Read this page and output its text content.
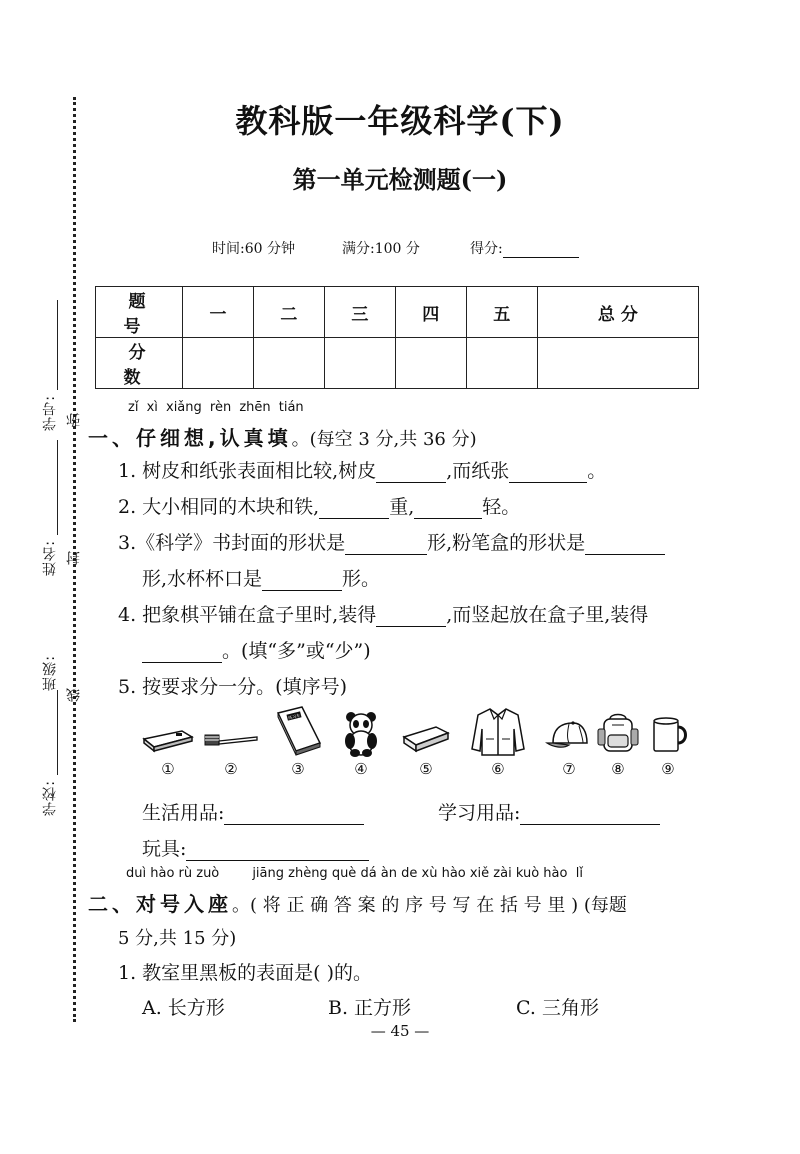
学号:
姓名:
班级:
学校:
弥
封
线
教科版一年级科学(下)
第一单元检测题(一)
时间:60 分钟	满分:100 分	得分:
题 号	一	二	三	四	五	总 分
分 数						
zǐ xì xiǎng rèn zhēn tián
一、仔细想,认真填。(每空 3 分,共 36 分)
1. 树皮和纸张表面相比较,树皮	,而纸张	。
2. 大小相同的木块和铁,	重,	轻。
3.《科学》书封面的形状是	形,粉笔盒的形状是
形,水杯杯口是	形。
4. 把象棋平铺在盒子里时,装得	,而竖起放在盒子里,装得
。(填“多”或“少”)
5. 按要求分一分。(填序号)
①	②
练习本
③	④	⑤	⑥	⑦	⑧	⑨
生活用品:	学习用品:
玩具:
duì hào rù zuò        jiāng zhèng què dá àn de xù hào xiě zài kuò hào  lǐ
二、对号入座。( 将 正 确 答 案 的 序 号 写 在 括 号 里 ) (每题
5 分,共 15 分)
1. 教室里黑板的表面是( )的。
A. 长方形	B. 正方形	C. 三角形
— 45 —
